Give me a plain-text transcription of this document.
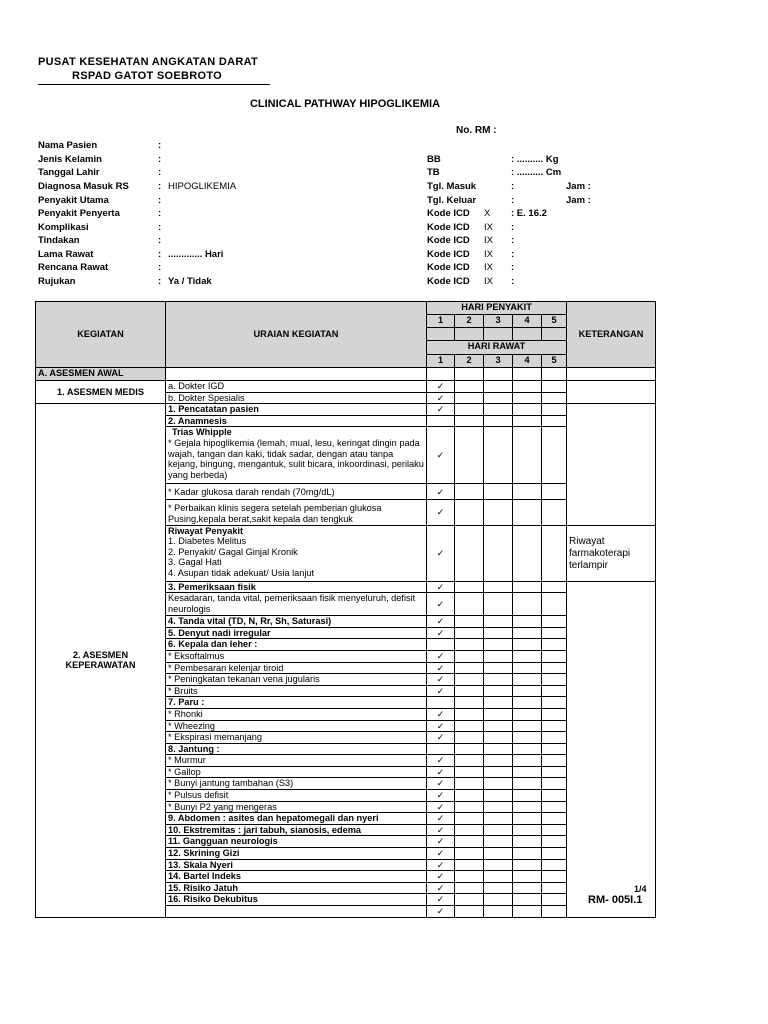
PUSAT KESEHATAN ANGKATAN DARAT
RSPAD GATOT SOEBROTO
CLINICAL PATHWAY HIPOGLIKEMIA
No. RM :
Nama Pasien	:
Jenis Kelamin	:
Tanggal Lahir	:
Diagnosa Masuk RS	: HIPOGLIKEMIA
Penyakit Utama	:
Penyakit Penyerta	:
Komplikasi	:
Tindakan	:
Lama Rawat	: ............. Hari
Rencana Rawat	:
Rujukan	: Ya / Tidak
BB	: .......... Kg
TB	: .......... Cm
Tgl. Masuk	:	Jam :
Tgl. Keluar	:	Jam :
Kode ICD X : E. 16.2
Kode ICD IX :
Kode ICD IX :
Kode ICD IX :
Kode ICD IX :
Kode ICD IX :
KEGIATAN	URAIAN KEGIATAN	HARI PENYAKIT					KETERANGAN
		1	2	3	4	5	

		HARI RAWAT					
		1	2	3	4	5	
A. ASESMEN AWAL							
1. ASESMEN MEDIS	a. Dokter IGD	✓					
	b. Dokter Spesialis	✓					
2. ASESMEN KEPERAWATAN	1. Pencatatan pasien	✓					
	2. Anamnesis						

	Trias Whipple
* Gejala hipoglikemia (lemah, mual, lesu, keringat dingin pada wajah, tangan dan kaki, tidak sadar, dengan atau tanpa kejang, bingung, mengantuk, sulit bicara, inkoordinasi, perilaku yang berbeda)	✓					
	* Kadar glukosa darah rendah (70mg/dL)	✓					
	* Perbaikan klinis segera setelah pemberian glukosa Pusing,kepala berat,sakit kepala dan tengkuk	✓					

	Riwayat Penyakit
1. Diabetes Melitus
2. Penyakit/ Gagal Ginjal Kronik
3. Gagal Hati
4. Asupan tidak adekuat/ Usia lanjut	✓					Riwayat farmakoterapi terlampir
	3. Pemeriksaan fisik	✓					
	Kesadaran, tanda vital, pemeriksaan fisik menyeluruh, defisit neurologis	✓					
	4. Tanda vital (TD, N, Rr, Sh, Saturasi)	✓					
	5. Denyut nadi irregular	✓					
	6. Kepala dan leher :						
	* Eksoftalmus	✓					
	* Pembesaran kelenjar tiroid	✓					
	* Peningkatan tekanan vena jugularis	✓					
	* Bruits	✓					
	7. Paru :						
	* Rhonki	✓					
	* Wheezing	✓					
	* Ekspirasi memanjang	✓					
	8. Jantung :						
	* Murmur	✓					
	* Gallop	✓					
	* Bunyi jantung tambahan (S3)	✓					
	* Pulsus defisit	✓					
	* Bunyi P2 yang mengeras	✓					
	9. Abdomen : asites dan hepatomegali dan nyeri	✓					
	10. Ekstremitas : jari tabuh, sianosis, edema	✓					
	11. Gangguan neurologis	✓					
	12. Skrining Gizi	✓					
	13. Skala Nyeri	✓					
	14. Bartel Indeks	✓					
	15. Risiko Jatuh	✓					
	16. Risiko Dekubitus	✓					
		✓					
1/4
RM- 005I.1
